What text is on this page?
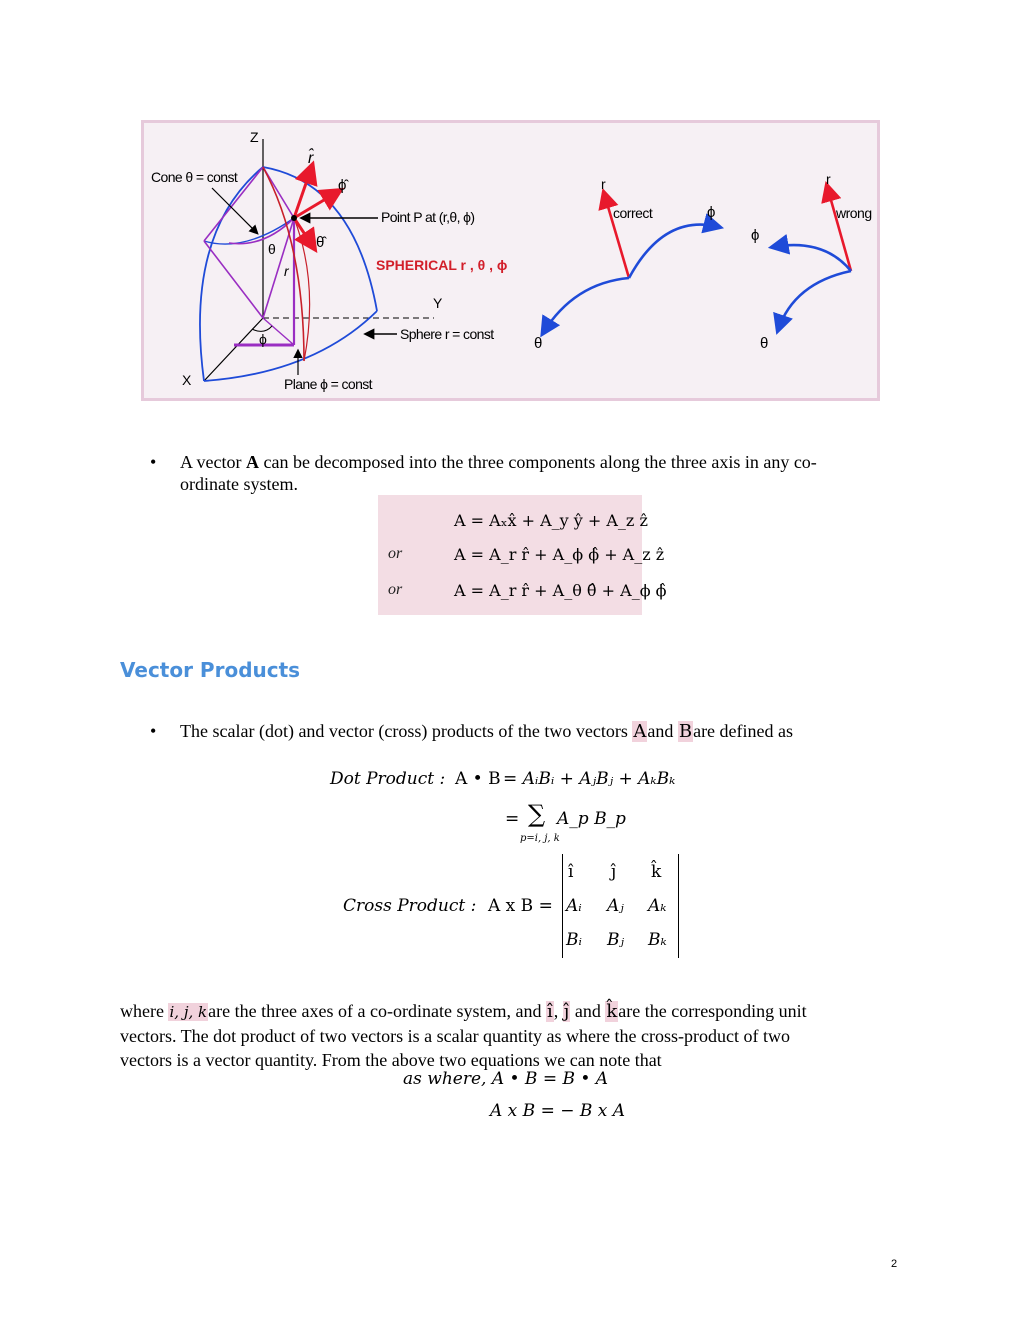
Z
Y
X
Cone θ = const
Point P at (r,θ, ϕ)
SPHERICAL r , θ , ϕ
Sphere r = const
Plane ϕ = const
r̂
ϕ̂
θ̂
θ
r
ϕ
r
correct	ϕ
θ
r
wrong
ϕ
θ
• A vector A can be decomposed into the three components along the three axis in any co-
ordinate system.
A = Aₓx̂ + A_y ŷ + A_z ẑ
or	A = A_r r̂ + A_ϕ ϕ̂ + A_z ẑ
or	A = A_r r̂ + A_θ θ̂ + A_ϕ ϕ̂
Vector Products
• The scalar (dot) and vector (cross) products of the two vectors Aand Bare defined as
Dot Product : A • B = AᵢBᵢ + AⱼBⱼ + AₖBₖ
= ∑ A_p B_p
p=i, j, k
Cross Product : A x B =
î ĵ k̂
Aᵢ Aⱼ Aₖ
Bᵢ Bⱼ Bₖ
where i, j, kare the three axes of a co-ordinate system, and î, ĵ and k̂are the corresponding unit
vectors. The dot product of two vectors is a scalar quantity as where the cross-product of two
vectors is a vector quantity. From the above two equations we can note that
as where, A • B = B • A
A x B = − B x A
2
